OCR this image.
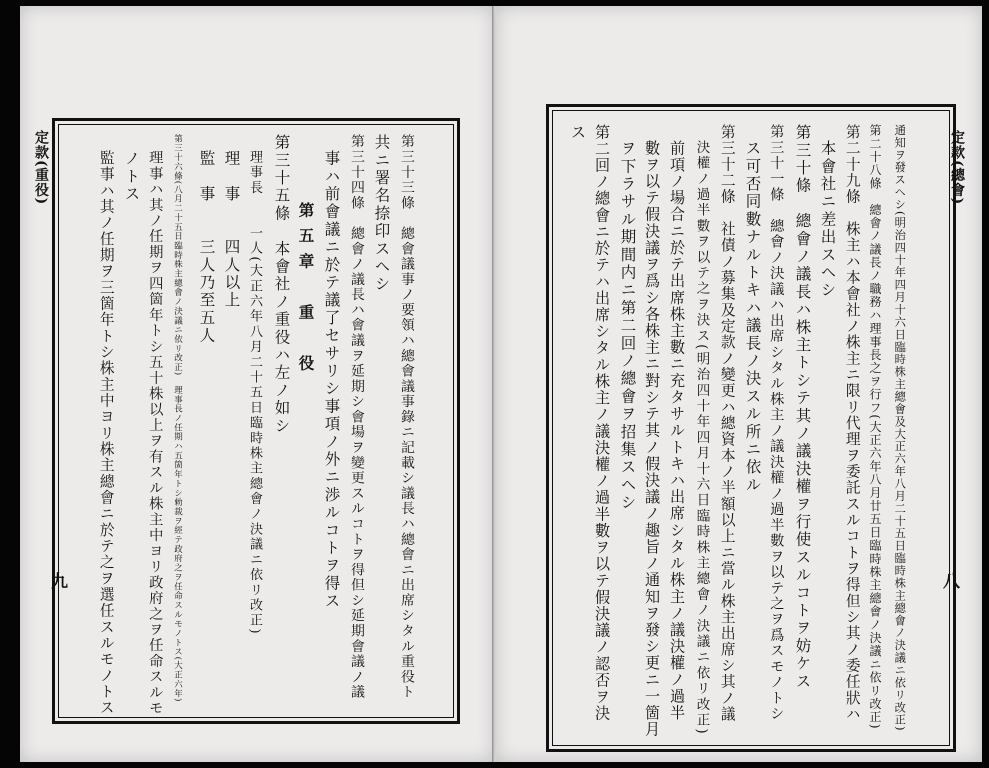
定款(重役)
九	第三十三條　總會議事ノ要領ハ總會議事錄ニ記載シ議長ハ總會ニ出席シタル重役ト
共ニ署名捺印スヘシ
第三十四條　總會ノ議長ハ會議ヲ延期シ會場ヲ變更スルコトヲ得但シ延期會議ノ議
事ハ前會議ニ於テ議了セサリシ事項ノ外ニ渉ルコトヲ得ス
第五章　重　役
第三十五條　本會社ノ重役ハ左ノ如シ
理事長　　一人(大正六年八月二十五日臨時株主總會ノ決議ニ依リ改正)
理　事　　四人以上
監　事　　三人乃至五人
第三十六條(八月二十五日臨時株主總會ノ決議ニ依リ改正)　理事長ノ任期ハ五箇年トシ勅裁ヲ經テ政府之ヲ任命スルモノトス(大正六年)
理事ハ其ノ任期ヲ四箇年トシ五十株以上ヲ有スル株主中ヨリ政府之ヲ任命スルモ
ノトス
監事ハ其ノ任期ヲ三箇年トシ株主中ヨリ株主總會ニ於テ之ヲ選任スルモノトス	定款(總會)
八
通知ヲ發スヘシ(明治四十年四月十六日臨時株主總會及大正六年八月二十五日臨時株主總會ノ決議ニ依リ改正)
第二十八條　總會ノ議長ノ職務ハ理事長之ヲ行フ(大正六年八月廿五日臨時株主總會ノ決議ニ依リ改正)
第二十九條　株主ハ本會社ノ株主ニ限リ代理ヲ委託スルコトヲ得但シ其ノ委任狀ハ
本會社ニ差出スヘシ
第三十條　總會ノ議長ハ株主トシテ其ノ議決權ヲ行使スルコトヲ妨ケス
第三十一條　總會ノ決議ハ出席シタル株主ノ議決權ノ過半數ヲ以テ之ヲ爲スモノトシ
ス可否同數ナルトキハ議長ノ決スル所ニ依ル
第三十二條　社債ノ募集及定款ノ變更ハ總資本ノ半額以上ニ當ル株主出席シ其ノ議
決權ノ過半數ヲ以テ之ヲ決ス(明治四十年四月十六日臨時株主總會ノ決議ニ依リ改正)
前項ノ場合ニ於テ出席株主數ニ充タサルトキハ出席シタル株主ノ議決權ノ過半
數ヲ以テ假決議ヲ爲シ各株主ニ對シテ其ノ假決議ノ趣旨ノ通知ヲ發シ更ニ一箇月
ヲ下ラサル期間内ニ第二回ノ總會ヲ招集スヘシ
第二回ノ總會ニ於テハ出席シタル株主ノ議決權ノ過半數ヲ以テ假決議ノ認否ヲ決
ス
